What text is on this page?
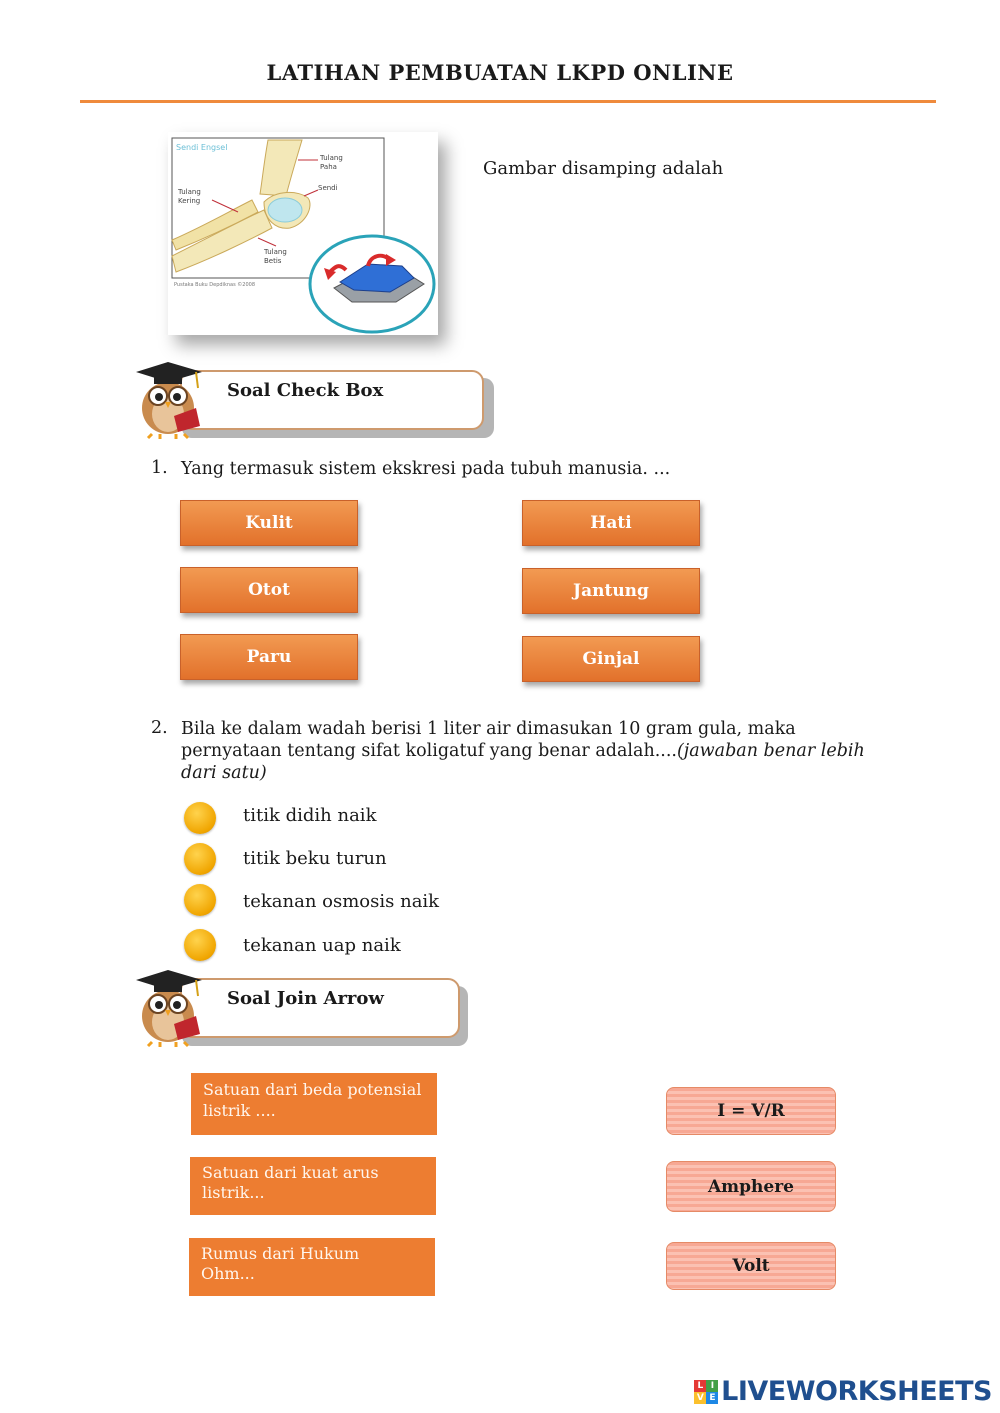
LATIHAN PEMBUATAN LKPD ONLINE
Sendi Engsel
Tulang
Paha
Sendi
Tulang
Kering
Tulang
Betis
Pustaka Buku Depdiknas ©2008
Gambar disamping adalah
Soal Check Box
1. Yang termasuk sistem ekskresi pada tubuh manusia. ...
Kulit	Hati
Otot	Jantung
Paru	Ginjal
2. Bila ke dalam wadah berisi 1 liter air dimasukan 10 gram gula, maka
pernyataan tentang sifat koligatuf yang benar adalah....(jawaban benar lebih
dari satu)
titik didih naik
titik beku turun
tekanan osmosis naik
tekanan uap naik
Soal Join Arrow
Satuan dari beda potensial
listrik ....
Satuan dari kuat arus
listrik...
Rumus dari Hukum
Ohm...
I = V/R
Amphere
Volt
L I
V E LIVEWORKSHEETS
